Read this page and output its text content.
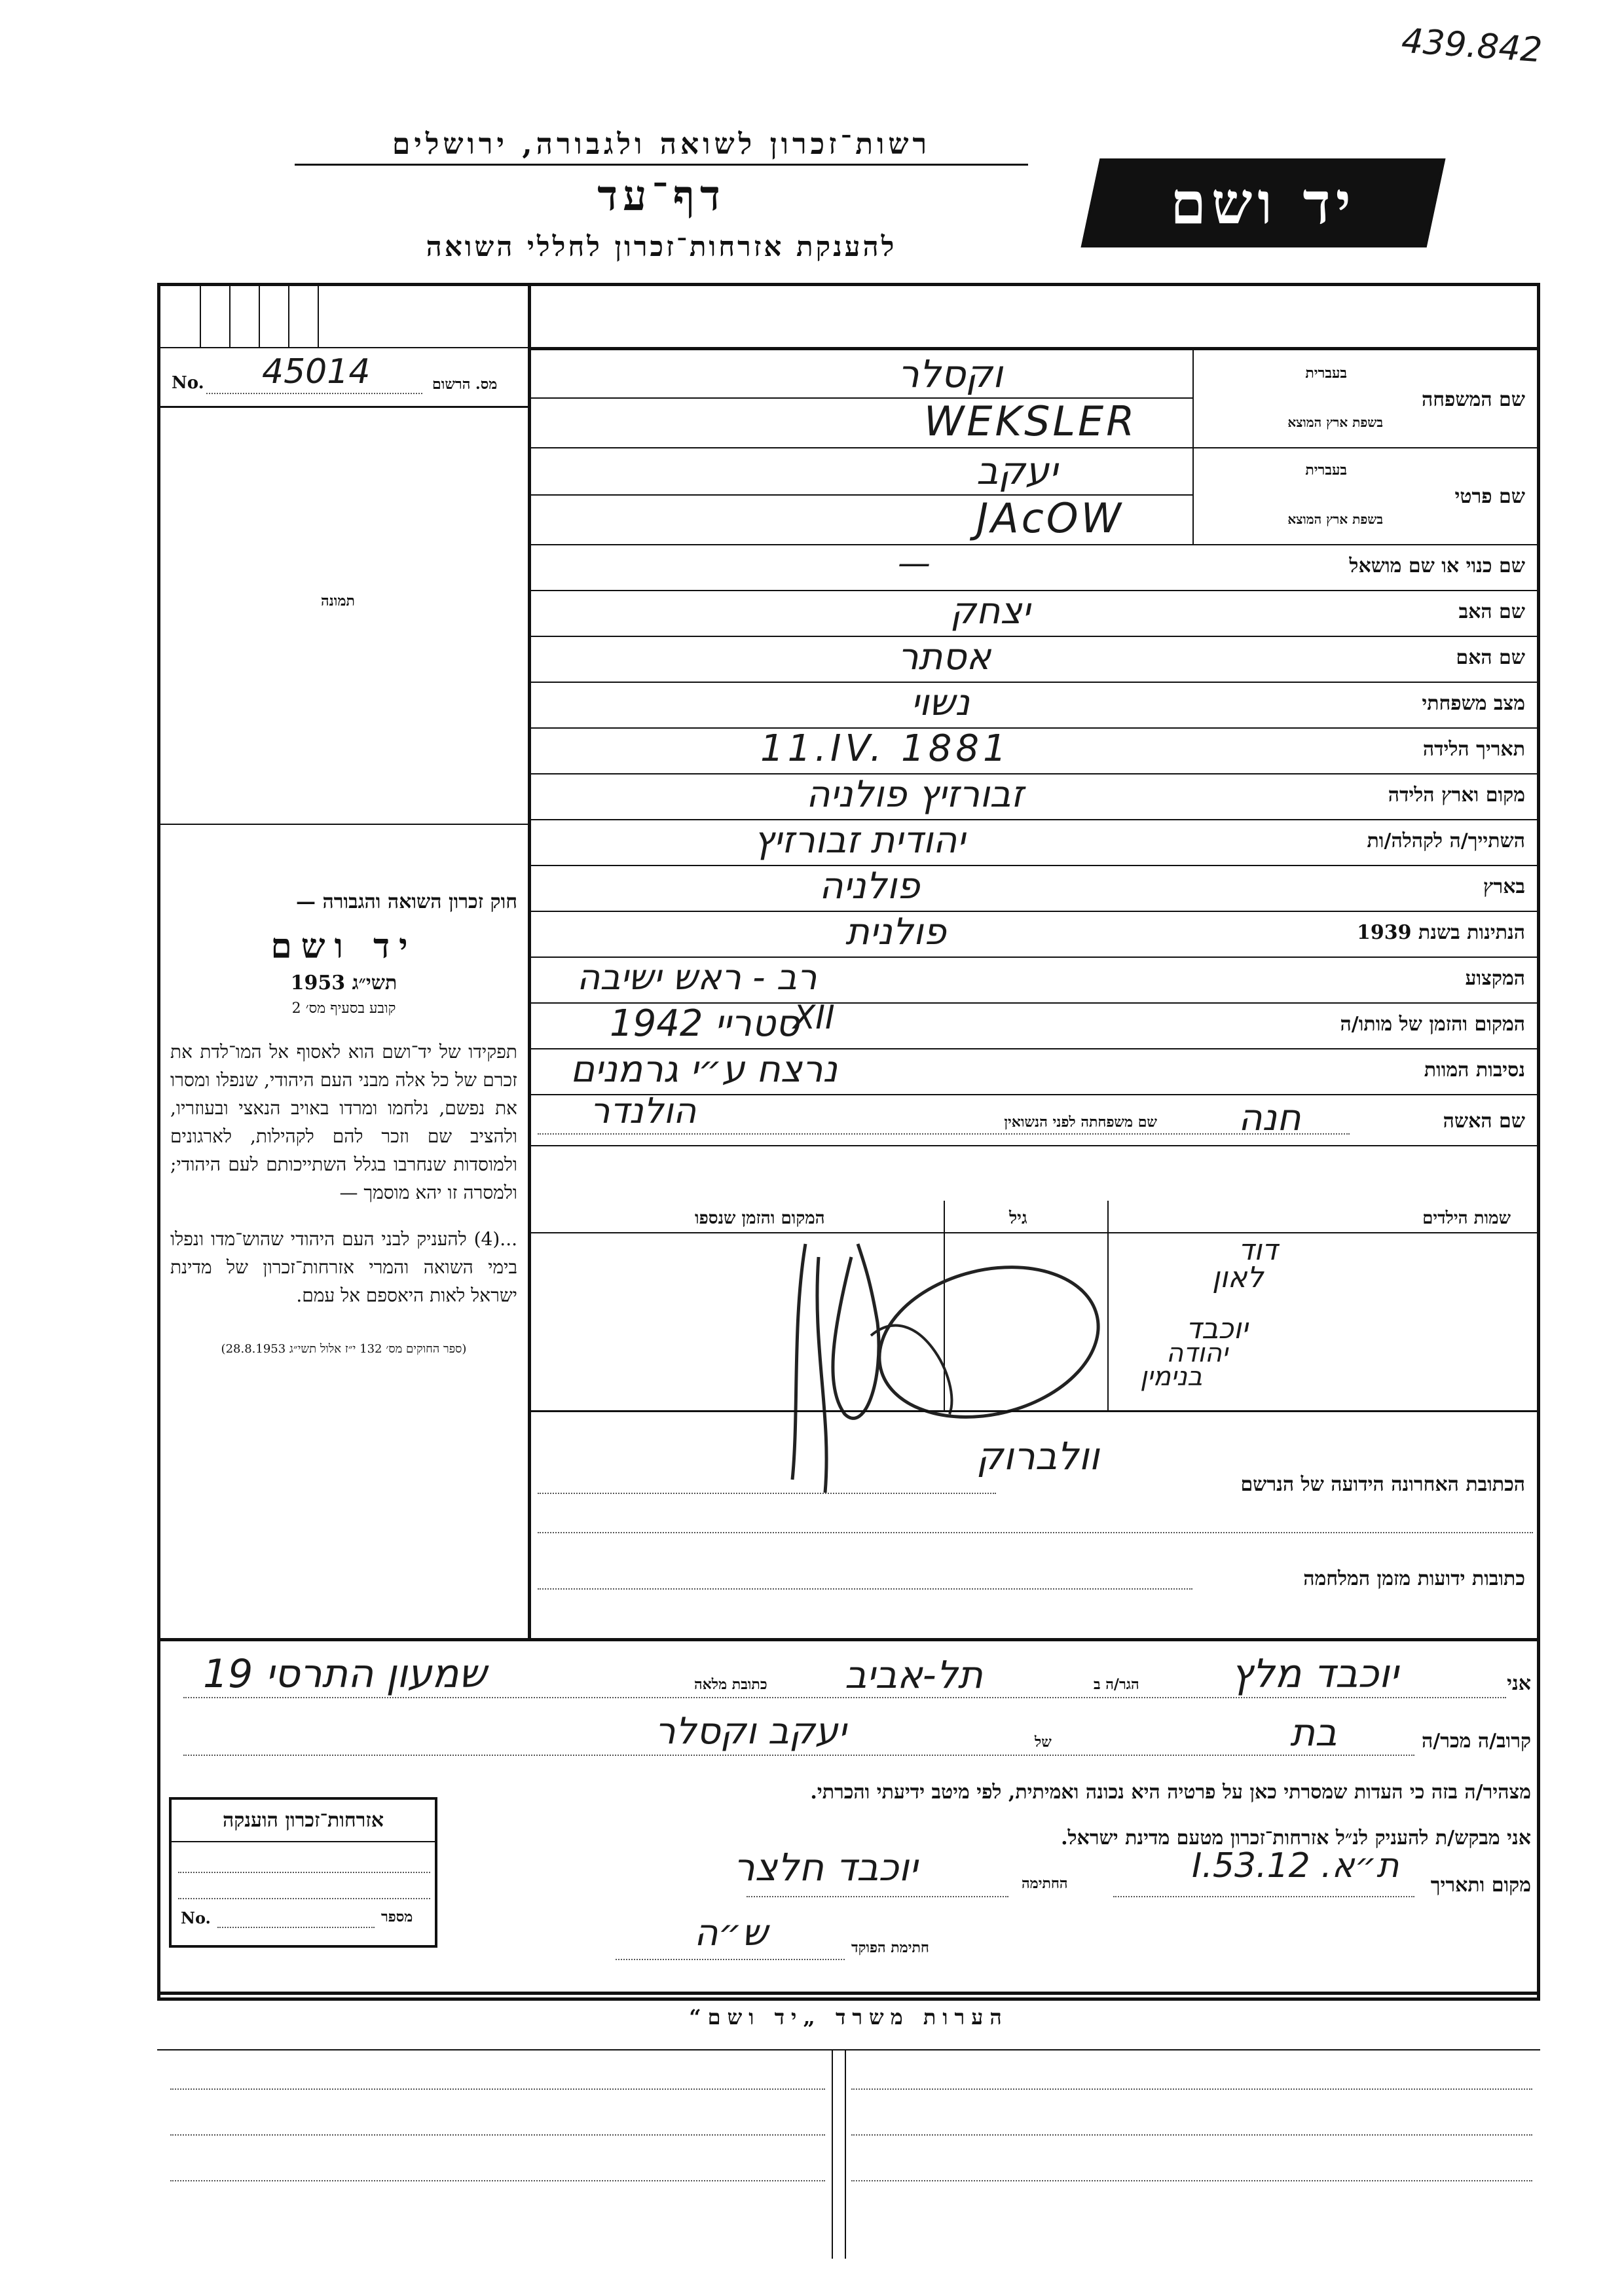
439.842
רשות־זכרון לשואה ולגבורה, ירושלים
דף־עד
להענקת אזרחות־זכרון לחללי השואה
יד ושם
No. 45014	מס. הרשום
תמונה
שם המשפחה
בעברית
בשפת ארץ המוצא
וקסלר
WEKSLER
שם פרטי
בעברית
בשפת ארץ המוצא
יעקב
JAcOW
שם כנוי או שם מושאל
—
שם האב
יצחק
שם האם
אסתר
מצב משפחתי
נשוי
תאריך הלידה
11.IV. 1881
מקום וארץ הלידה
זבורזיץ פולניה
השתייך/ה לקהלה/ות
יהודית זבורזיץ
בארץ
פולניה
הנתינות בשנת 1939
פולנית
המקצוע
רב - ראש ישיבה
המקום והזמן של מותו/ה
סטריי 1942
XII
נסיבות המוות
נרצח ע״י גרמנים
שם האשה
חנה
שם משפחתה לפני הנשואין
הולנדר
חוק זכרון השואה והגבורה —
יד ושם
תשי״ג 1953
קובע בסעיף מס׳ 2
תפקידו של יד־ושם הוא לאסוף אל המו־לדת את זכרם של כל אלה מבני העם היהודי, שנפלו ומסרו את נפשם, נלחמו ומרדו באויב הנאצי ובעוזריו, ולהציב שם וזכר להם לקהילות, לארגונים ולמוסדות שנחרבו בגלל השתייכותם לעם היהודי; ולמסרה זו יהא מוסמך —
...(4) להעניק לבני העם היהודי שהוש־מדו ונפלו בימי השואה והמרי אזרחות־זכרון של מדינת ישראל לאות היאספם אל עמם.
(ספר החוקים מס׳ 132 י״ז אלול תשי״ג 28.8.1953)
שמות הילדים
גיל
המקום והזמן שנספו
דוד
לאון
יוכבד
יהודה
בנימין
הכתובת האחרונה הידועה של הנרשם
וולברוק
כתובות ידועות מזמן המלחמה
אני
יוכבד מלץ
הגר/ה ב
תל-אביב
כתובת מלאה
שמעון התרסי 19
קרוב/ה מכר/ה
בת
של
יעקב וקסלר
מצהיר/ה בזה כי העדות שמסרתי כאן על פרטיה היא נכונה ואמיתית, לפי מיטב ידיעתי והכרתי.
אני מבקש/ת להעניק לנ״ל אזרחות־זכרון מטעם מדינת ישראל.
מקום ותאריך
ת״א. 12.I.53
החתימה
יוכבד חלצר
חתימת הפוקד
ש״ה
אזרחות־זכרון הוענקה
No.	מספר
הערות משרד „יד ושם“
